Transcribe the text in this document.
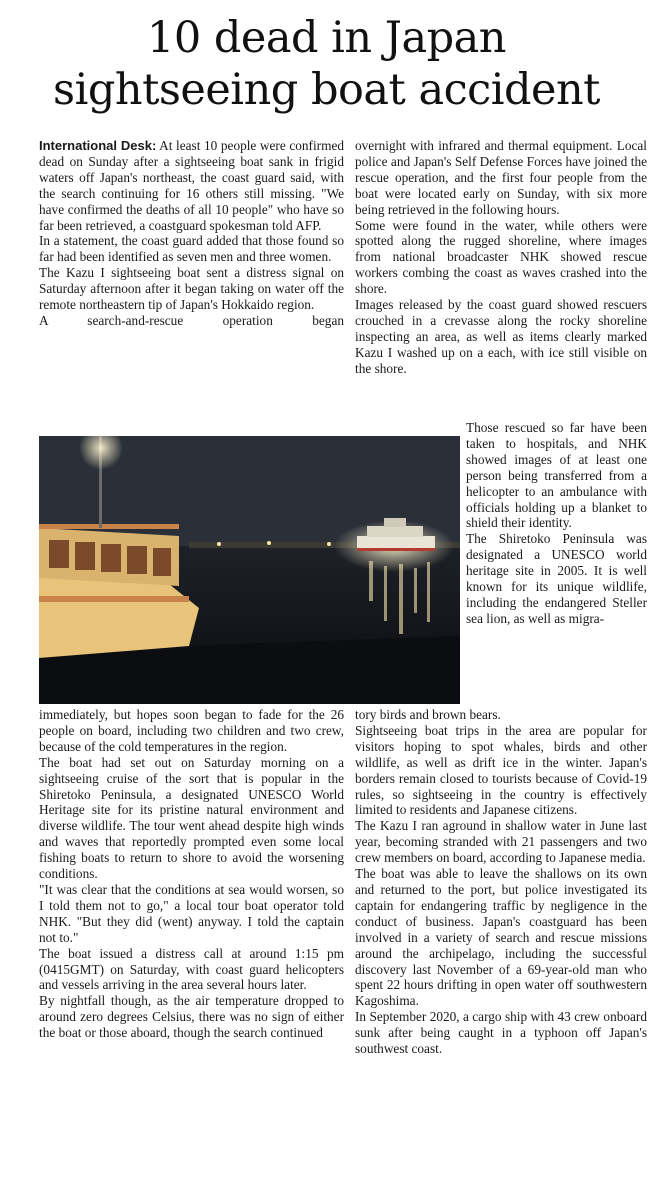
10 dead in Japan
sightseeing boat accident

International Desk: At least 10 people were confirmed dead on Sunday after a sightseeing boat sank in frigid waters off Japan's northeast, the coast guard said, with the search continuing for 16 others still missing. "We have confirmed the deaths of all 10 people" who have so far been retrieved, a coastguard spokesman told AFP.

In a statement, the coast guard added that those found so far had been identified as seven men and three women.

The Kazu I sightseeing boat sent a distress signal on Saturday afternoon after it began taking on water off the remote northeastern tip of Japan's Hokkaido region.

A search-and-rescue operation began

overnight with infrared and thermal equipment. Local police and Japan's Self Defense Forces have joined the rescue operation, and the first four people from the boat were located early on Sunday, with six more being retrieved in the following hours.

Some were found in the water, while others were spotted along the rugged shoreline, where images from national broadcaster NHK showed rescue workers combing the coast as waves crashed into the shore.

Images released by the coast guard showed rescuers crouched in a crevasse along the rocky shoreline inspecting an area, as well as items clearly marked Kazu I washed up on a each, with ice still visible on the shore.

Those rescued so far have been taken to hospitals, and NHK showed images of at least one person being transferred from a helicopter to an ambulance with officials holding up a blanket to shield their identity.

The Shiretoko Peninsula was designated a UNESCO world heritage site in 2005. It is well known for its unique wildlife, including the endangered Steller sea lion, as well as migra-

immediately, but hopes soon began to fade for the 26 people on board, including two children and two crew, because of the cold temperatures in the region.

The boat had set out on Saturday morning on a sightseeing cruise of the sort that is popular in the Shiretoko Peninsula, a designated UNESCO World Heritage site for its pristine natural environment and diverse wildlife. The tour went ahead despite high winds and waves that reportedly prompted even some local fishing boats to return to shore to avoid the worsening conditions.

"It was clear that the conditions at sea would worsen, so I told them not to go," a local tour boat operator told NHK. "But they did (went) anyway. I told the captain not to."

The boat issued a distress call at around 1:15 pm (0415GMT) on Saturday, with coast guard helicopters and vessels arriving in the area several hours later.

By nightfall though, as the air temperature dropped to around zero degrees Celsius, there was no sign of either the boat or those aboard, though the search continued

tory birds and brown bears.

Sightseeing boat trips in the area are popular for visitors hoping to spot whales, birds and other wildlife, as well as drift ice in the winter. Japan's borders remain closed to tourists because of Covid-19 rules, so sightseeing in the country is effectively limited to residents and Japanese citizens.

The Kazu I ran aground in shallow water in June last year, becoming stranded with 21 passengers and two crew members on board, according to Japanese media.

The boat was able to leave the shallows on its own and returned to the port, but police investigated its captain for endangering traffic by negligence in the conduct of business. Japan's coastguard has been involved in a variety of search and rescue missions around the archipelago, including the successful discovery last November of a 69-year-old man who spent 22 hours drifting in open water off southwestern Kagoshima.

In September 2020, a cargo ship with 43 crew onboard sunk after being caught in a typhoon off Japan's southwest coast.
